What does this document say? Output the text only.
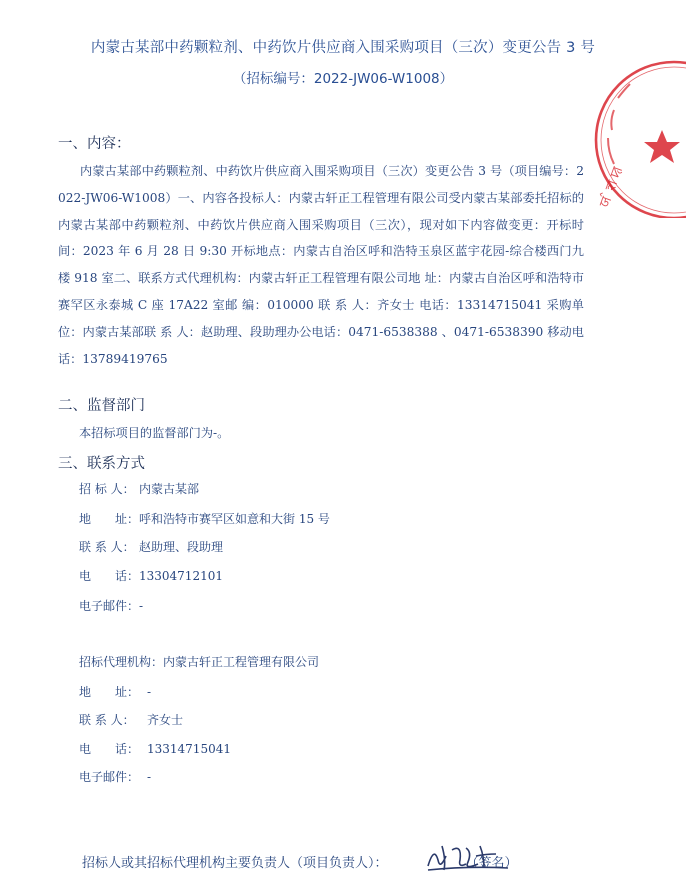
内蒙古某部中药颗粒剂、中药饮片供应商入围采购项目（三次）变更公告 3 号
（招标编号：2022-JW06-W1008）
ꠎ ꠆ ꠡ ꠢ
一、内容：
内蒙古某部中药颗粒剂、中药饮片供应商入围采购项目（三次）变更公告 3 号（项目编号：2022-JW06-W1008）一、内容各投标人：内蒙古轩正工程管理有限公司受内蒙古某部委托招标的内蒙古某部中药颗粒剂、中药饮片供应商入围采购项目（三次），现对如下内容做变更：开标时间：2023 年 6 月 28 日 9:30 开标地点：内蒙古自治区呼和浩特玉泉区蓝宇花园-综合楼西门九楼 918 室二、联系方式代理机构：内蒙古轩正工程管理有限公司地 址：内蒙古自治区呼和浩特市赛罕区永泰城 C 座 17A22 室邮 编：010000 联 系 人：齐女士 电话：13314715041 采购单位：内蒙古某部联 系 人：赵助理、段助理办公电话：0471-6538388 、0471-6538390 移动电话：13789419765
二、监督部门
本招标项目的监督部门为-。
三、联系方式
招 标 人： 内蒙古某部
地　　址：呼和浩特市赛罕区如意和大街 15 号
联 系 人： 赵助理、段助理
电　　话：13304712101
电子邮件：-
招标代理机构：内蒙古轩正工程管理有限公司
地　　址： -
联 系 人： 齐女士
电　　话： 13314715041
电子邮件： -
招标人或其招标代理机构主要负责人（项目负责人）：	（签名）
